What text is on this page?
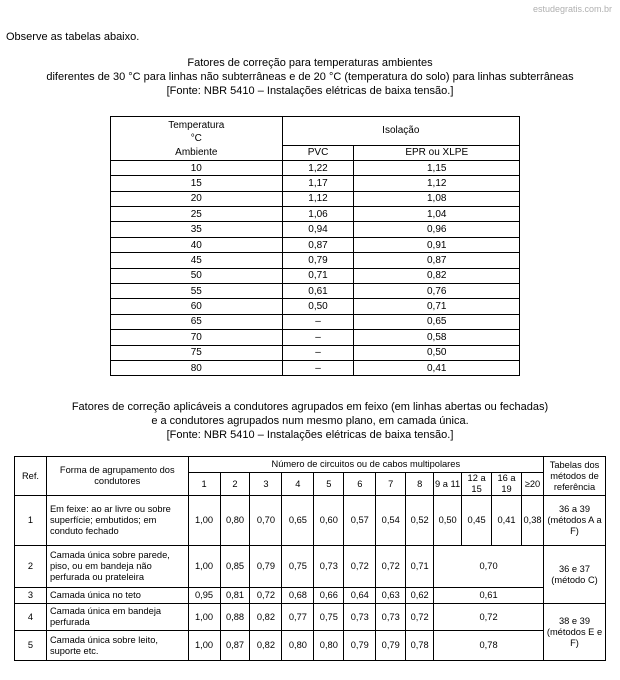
estudegratis.com.br
Observe as tabelas abaixo.
Fatores de correção para temperaturas ambientes
diferentes de 30 °C para linhas não subterrâneas e de 20 °C (temperatura do solo) para linhas subterrâneas
[Fonte: NBR 5410 – Instalações elétricas de baixa tensão.]
Temperatura
°C	Isolação	
Ambiente	PVC	EPR ou XLPE
10	1,22	1,15
15	1,17	1,12
20	1,12	1,08
25	1,06	1,04
35	0,94	0,96
40	0,87	0,91
45	0,79	0,87
50	0,71	0,82
55	0,61	0,76
60	0,50	0,71
65	–	0,65
70	–	0,58
75	–	0,50
80	–	0,41
Fatores de correção aplicáveis a condutores agrupados em feixo (em linhas abertas ou fechadas)
e a condutores agrupados num mesmo plano, em camada única.
[Fonte: NBR 5410 – Instalações elétricas de baixa tensão.]
Ref.	Forma de agrupamento dos condutores	Número de circuitos ou de cabos multipolares												Tabelas dos métodos de referência
		1	2	3	4	5	6	7	8	9 a 11	12 a 15	16 a 19	≥20	
1	Em feixe: ao ar livre ou sobre superfície; embutidos; em conduto fechado	1,00	0,80	0,70	0,65	0,60	0,57	0,54	0,52	0,50	0,45	0,41	0,38	36 a 39 (métodos A a F)
2	Camada única sobre parede, piso, ou em bandeja não perfurada ou prateleira	1,00	0,85	0,79	0,75	0,73	0,72	0,72	0,71	0,70				36 e 37 (método C)
3	Camada única no teto	0,95	0,81	0,72	0,68	0,66	0,64	0,63	0,62	0,61				
4	Camada única em bandeja perfurada	1,00	0,88	0,82	0,77	0,75	0,73	0,73	0,72	0,72				38 e 39 (métodos E e F)
5	Camada única sobre leito, suporte etc.	1,00	0,87	0,82	0,80	0,80	0,79	0,79	0,78	0,78				
